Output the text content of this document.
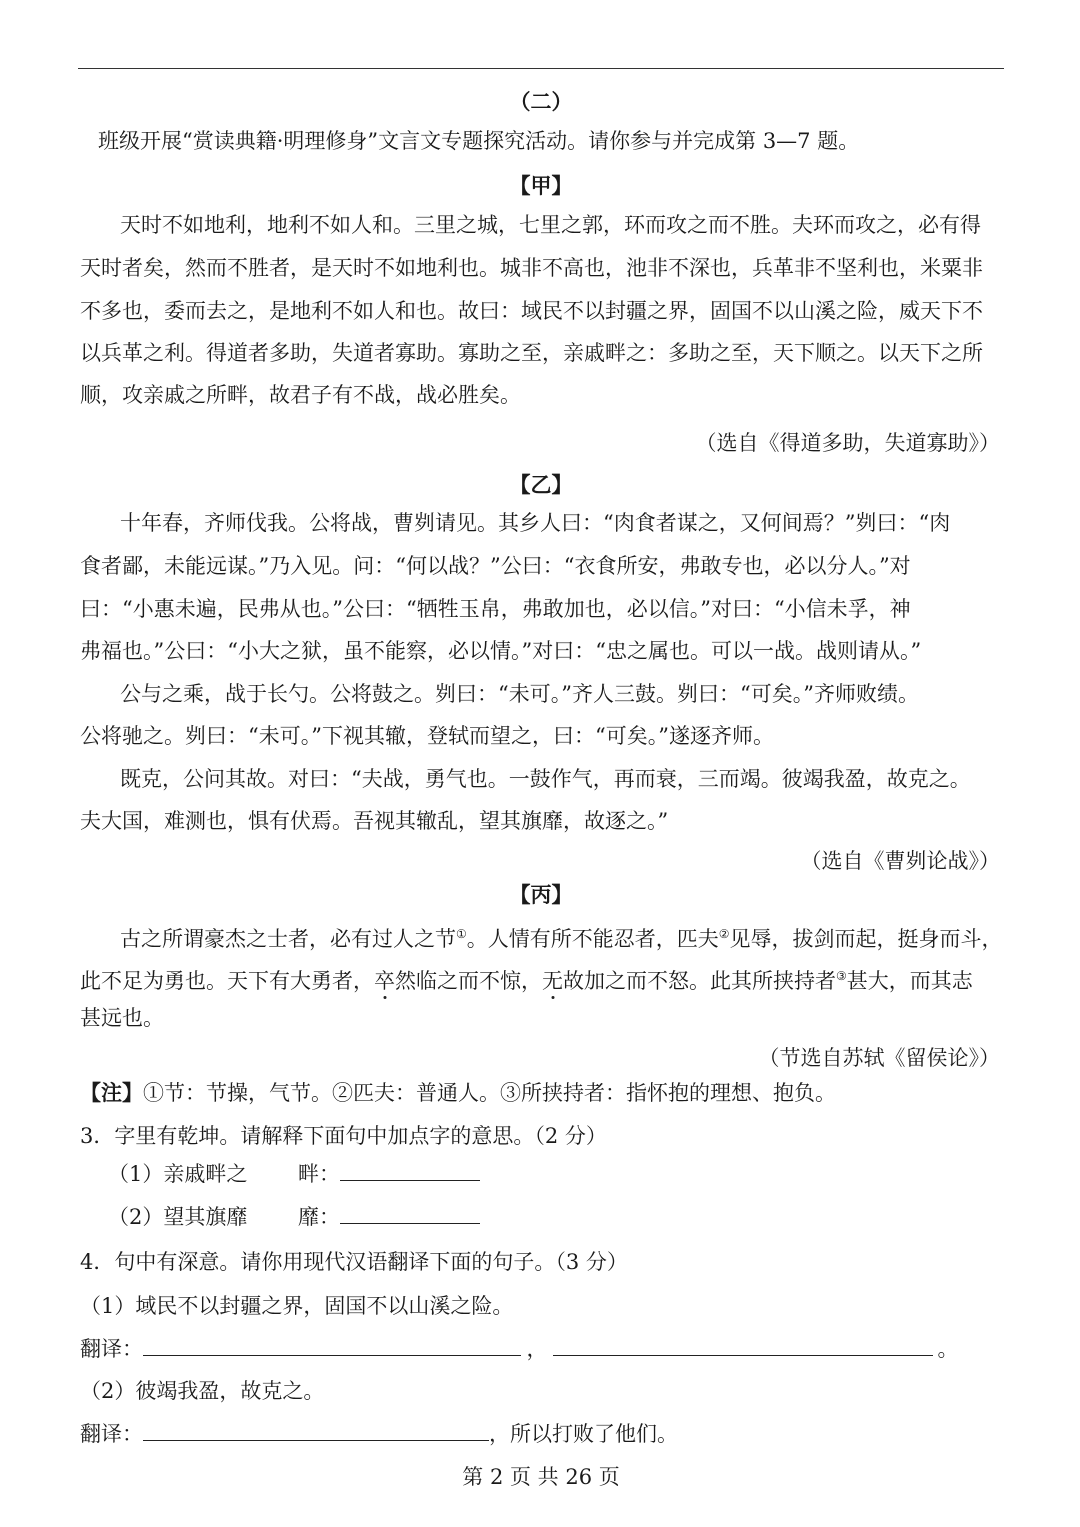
（二）
班级开展“赏读典籍·明理修身”文言文专题探究活动。请你参与并完成第 3—7 题。
【甲】
天时不如地利，地利不如人和。三里之城，七里之郭，环而攻之而不胜。夫环而攻之，必有得
天时者矣，然而不胜者，是天时不如地利也。城非不高也，池非不深也，兵革非不坚利也，米粟非
不多也，委而去之，是地利不如人和也。故曰：域民不以封疆之界，固国不以山溪之险，威天下不
以兵革之利。得道者多助，失道者寡助。寡助之至，亲戚畔之：多助之至，天下顺之。以天下之所
顺，攻亲戚之所畔，故君子有不战，战必胜矣。
（选自《得道多助，失道寡助》）
【乙】
十年春，齐师伐我。公将战，曹刿请见。其乡人曰：“肉食者谋之，又何间焉？”刿曰：“肉
食者鄙，未能远谋。”乃入见。问：“何以战？”公曰：“衣食所安，弗敢专也，必以分人。”对
曰：“小惠未遍，民弗从也。”公曰：“牺牲玉帛，弗敢加也，必以信。”对曰：“小信未孚，神
弗福也。”公曰：“小大之狱，虽不能察，必以情。”对曰：“忠之属也。可以一战。战则请从。”
公与之乘，战于长勺。公将鼓之。刿曰：“未可。”齐人三鼓。刿曰：“可矣。”齐师败绩。
公将驰之。刿曰：“未可。”下视其辙，登轼而望之，曰：“可矣。”遂逐齐师。
既克，公问其故。对曰：“夫战，勇气也。一鼓作气，再而衰，三而竭。彼竭我盈，故克之。
夫大国，难测也，惧有伏焉。吾视其辙乱，望其旗靡，故逐之。”
（选自《曹刿论战》）
【丙】
古之所谓豪杰之士者，必有过人之节①。人情有所不能忍者，匹夫②见辱，拔剑而起，挺身而斗，
此不足为勇也。天下有大勇者，卒然临之而不惊，无故加之而不怒。此其所挟持者③甚大，而其志
甚远也。
（节选自苏轼《留侯论》）
【注】①节：节操，气节。②匹夫：普通人。③所挟持者：指怀抱的理想、抱负。
3．字里有乾坤。请解释下面句中加点字的意思。（2 分）
（1）亲戚畔之 畔：
（2）望其旗靡 靡：
4．句中有深意。请你用现代汉语翻译下面的句子。（3 分）
（1）域民不以封疆之界，固国不以山溪之险。
翻译：	，	。
（2）彼竭我盈，故克之。
翻译：	，所以打败了他们。
第 2 页 共 26 页
